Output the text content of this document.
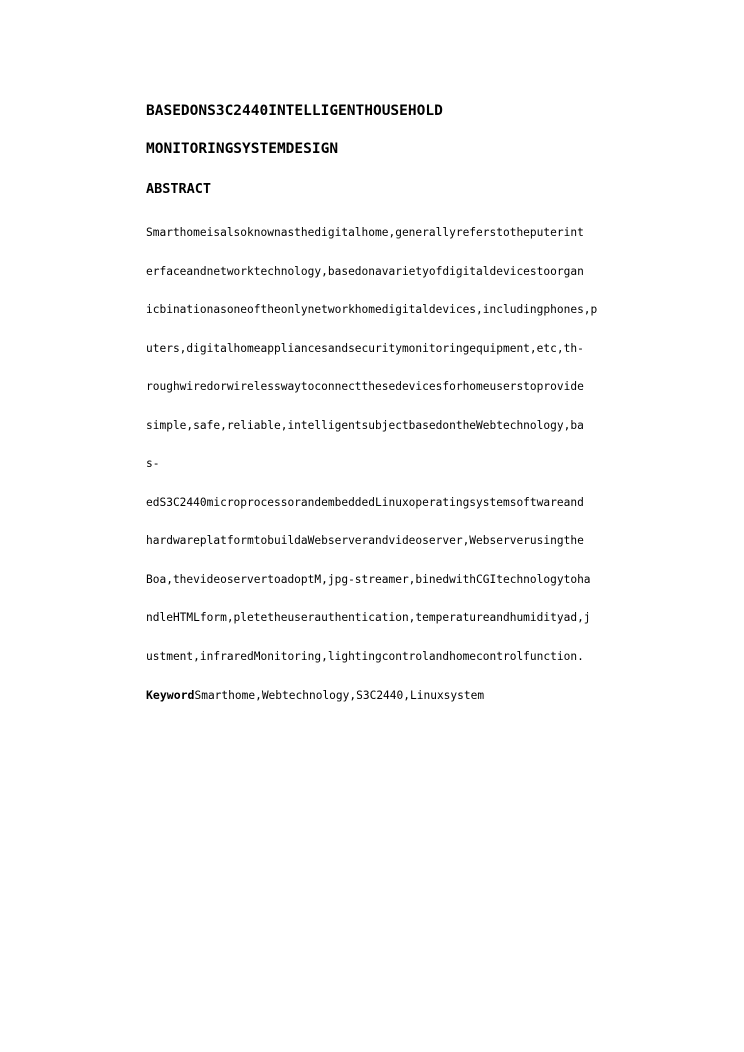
BASEDONS3C2440INTELLIGENTHOUSEHOLD
MONITORINGSYSTEMDESIGN
ABSTRACT
Smarthomeisalsoknownasthedigitalhome,generallyreferstotheputerint
erfaceandnetworktechnology,basedonavarietyofdigitaldevicestoorgan
icbinationasoneoftheonlynetworkhomedigitaldevices,includingphones,p
uters,digitalhomeappliancesandsecuritymonitoringequipment,etc,th-
roughwiredorwirelesswaytoconnectthesedevicesforhomeuserstoprovide
simple,safe,reliable,intelligentsubjectbasedontheWebtechnology,ba
s-
edS3C2440microprocessorandembeddedLinuxoperatingsystemsoftwareand
hardwareplatformtobuildaWebserverandvideoserver,Webserverusingthe
Boa,thevideoservertoadoptM,jpg-streamer,binedwithCGItechnologytoha
ndleHTMLform,pletetheuserauthentication,temperatureandhumidityad,j
ustment,infraredMonitoring,lightingcontrolandhomecontrolfunction.

KeywordSmarthome,Webtechnology,S3C2440,Linuxsystem
